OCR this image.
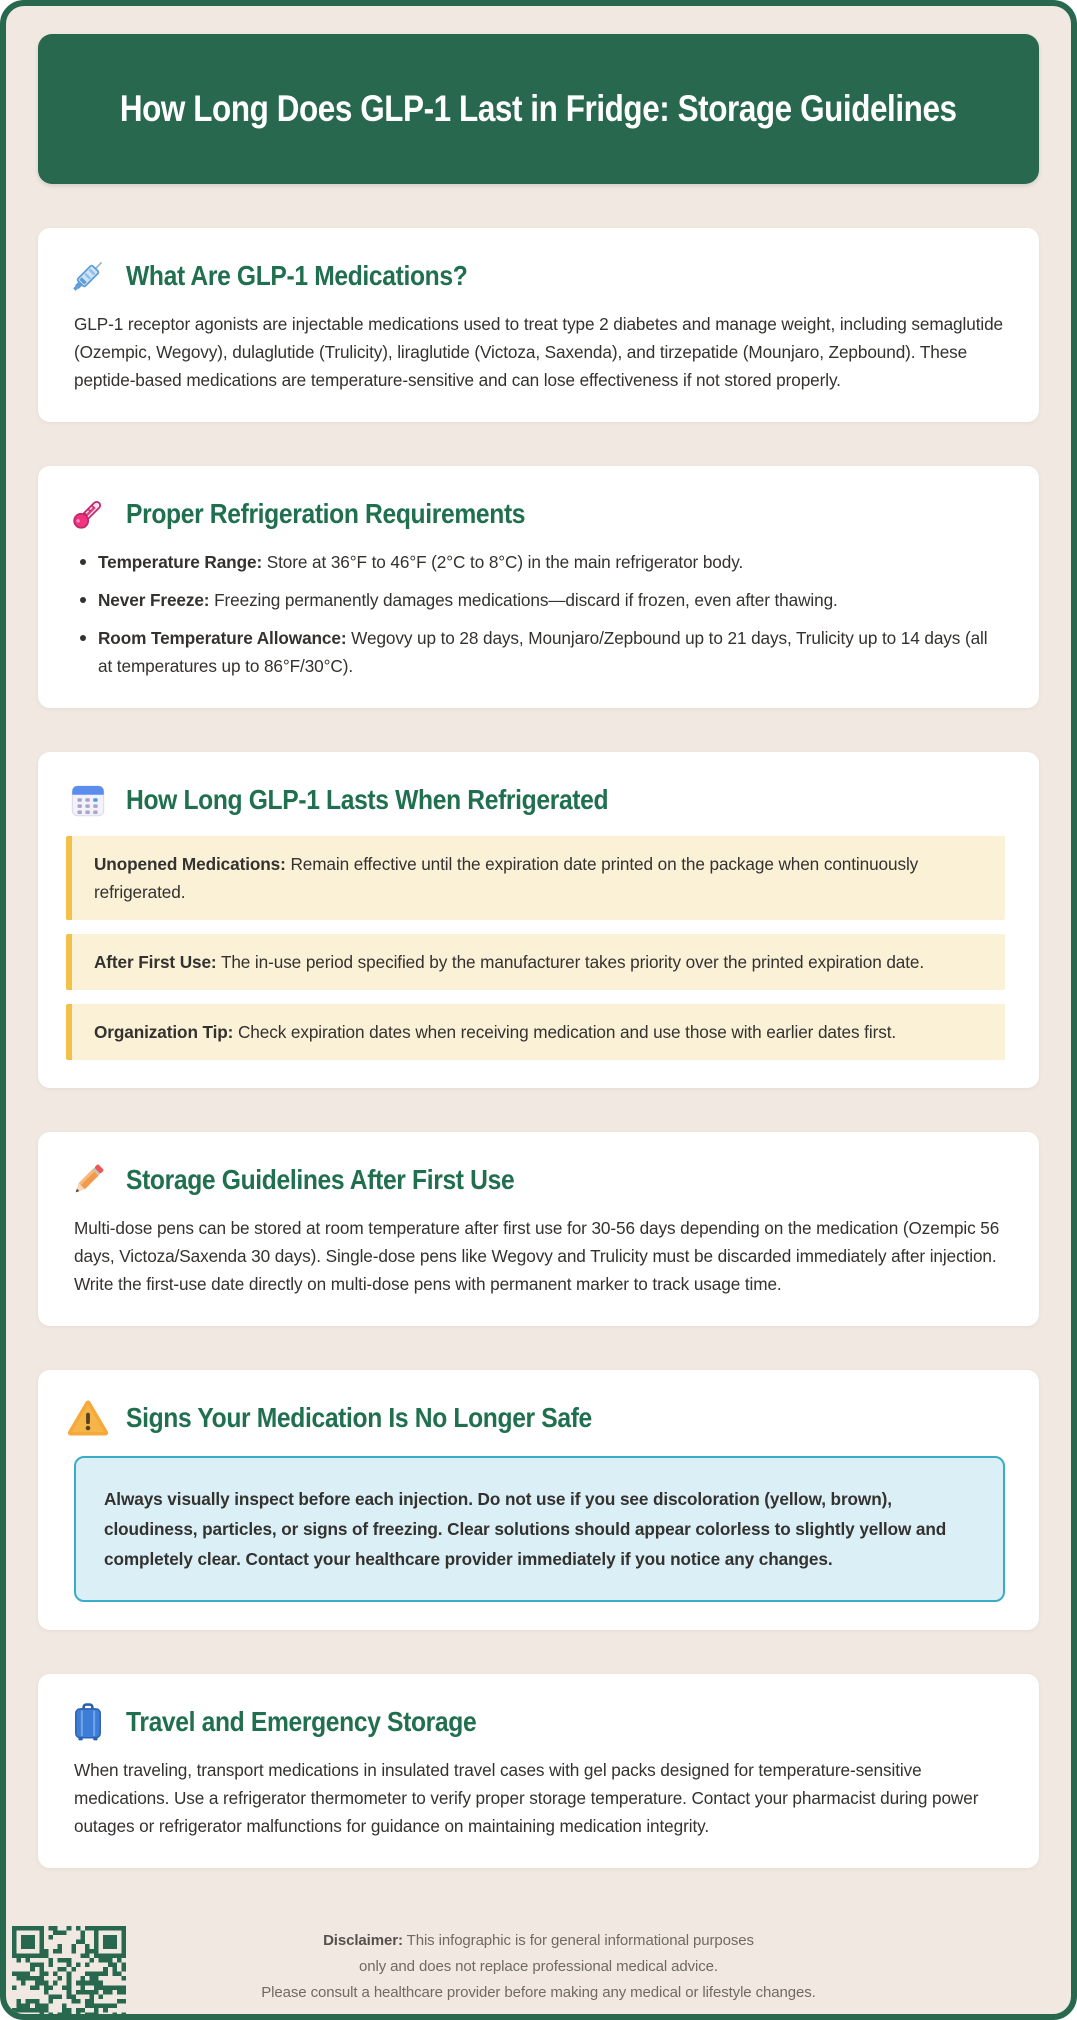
How Long Does GLP-1 Last in Fridge: Storage Guidelines
What Are GLP-1 Medications?

GLP-1 receptor agonists are injectable medications used to treat type 2 diabetes and manage weight, including semaglutide (Ozempic, Wegovy), dulaglutide (Trulicity), liraglutide (Victoza, Saxenda), and tirzepatide (Mounjaro, Zepbound). These peptide-based medications are temperature-sensitive and can lose effectiveness if not stored properly.

Proper Refrigeration Requirements
Temperature Range: Store at 36°F to 46°F (2°C to 8°C) in the main refrigerator body.
Never Freeze: Freezing permanently damages medications—discard if frozen, even after thawing.
Room Temperature Allowance: Wegovy up to 28 days, Mounjaro/Zepbound up to 21 days, Trulicity up to 14 days (all at temperatures up to 86°F/30°C).
How Long GLP-1 Lasts When Refrigerated
Unopened Medications: Remain effective until the expiration date printed on the package when continuously refrigerated.
After First Use: The in-use period specified by the manufacturer takes priority over the printed expiration date.
Organization Tip: Check expiration dates when receiving medication and use those with earlier dates first.
Storage Guidelines After First Use

Multi-dose pens can be stored at room temperature after first use for 30-56 days depending on the medication (Ozempic 56 days, Victoza/Saxenda 30 days). Single-dose pens like Wegovy and Trulicity must be discarded immediately after injection. Write the first-use date directly on multi-dose pens with permanent marker to track usage time.

Signs Your Medication Is No Longer Safe
Always visually inspect before each injection. Do not use if you see discoloration (yellow, brown), cloudiness, particles, or signs of freezing. Clear solutions should appear colorless to slightly yellow and completely clear. Contact your healthcare provider immediately if you notice any changes.
Travel and Emergency Storage

When traveling, transport medications in insulated travel cases with gel packs designed for temperature-sensitive medications. Use a refrigerator thermometer to verify proper storage temperature. Contact your pharmacist during power outages or refrigerator malfunctions for guidance on maintaining medication integrity.

Disclaimer: This infographic is for general informational purposes
only and does not replace professional medical advice.
Please consult a healthcare provider before making any medical or lifestyle changes.
